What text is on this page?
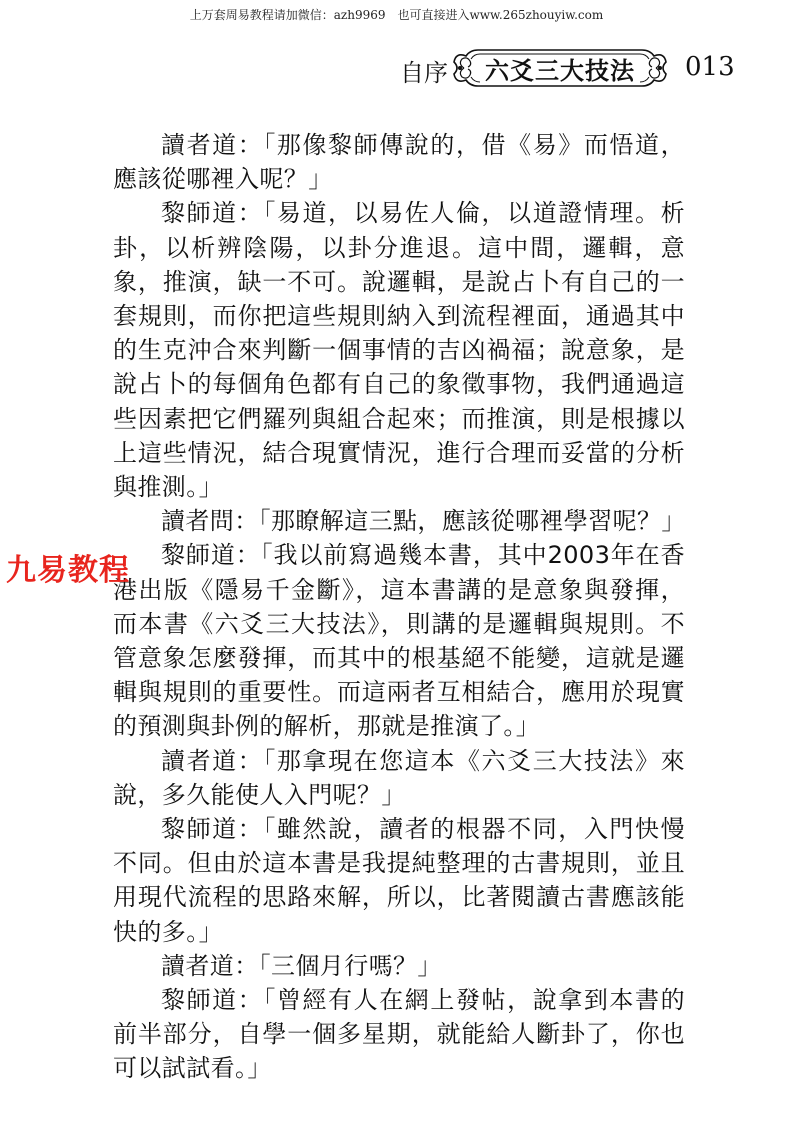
上万套周易教程请加微信：azh9969　也可直接进入www.265zhouyiw.com
自序	六爻三大技法	013

讀者道：「那像黎師傳說的，借《易》而悟道，應該從哪裡入呢？」

黎師道：「易道，以易佐人倫，以道證情理。析卦，以析辨陰陽，以卦分進退。這中間，邏輯，意象，推演，缺一不可。說邏輯，是說占卜有自己的一套規則，而你把這些規則納入到流程裡面，通過其中的生克沖合來判斷一個事情的吉凶禍福；說意象，是說占卜的每個角色都有自己的象徵事物，我們通過這些因素把它們羅列與組合起來；而推演，則是根據以上這些情況，結合現實情況，進行合理而妥當的分析與推測。」

讀者問：「那瞭解這三點，應該從哪裡學習呢？」

黎師道：「我以前寫過幾本書，其中2003年在香港出版《隱易千金斷》，這本書講的是意象與發揮，而本書《六爻三大技法》，則講的是邏輯與規則。不管意象怎麼發揮，而其中的根基絕不能變，這就是邏輯與規則的重要性。而這兩者互相結合，應用於現實的預測與卦例的解析，那就是推演了。」

讀者道：「那拿現在您這本《六爻三大技法》來說，多久能使人入門呢？」

黎師道：「雖然說，讀者的根器不同，入門快慢不同。但由於這本書是我提純整理的古書規則，並且用現代流程的思路來解，所以，比著閱讀古書應該能快的多。」

讀者道：「三個月行嗎？」

黎師道：「曾經有人在網上發帖，說拿到本書的前半部分，自學一個多星期，就能給人斷卦了，你也可以試試看。」

九易教程
